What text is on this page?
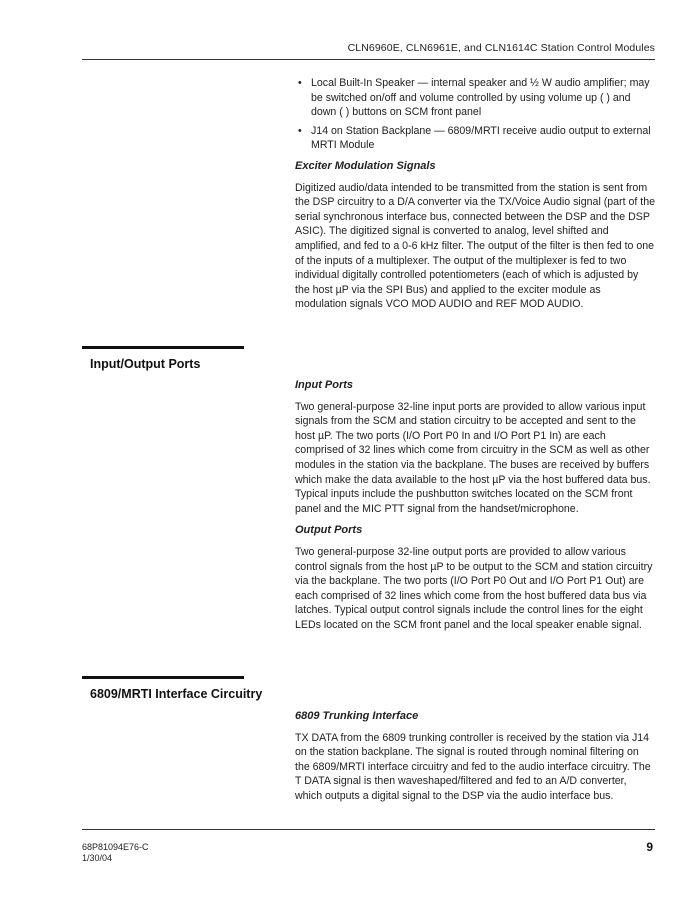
CLN6960E, CLN6961E, and CLN1614C Station Control Modules
• Local Built-In Speaker — internal speaker and ½ W audio amplifier; may be switched on/off and volume controlled by using volume up ( ) and down ( ) buttons on SCM front panel
• J14 on Station Backplane — 6809/MRTI receive audio output to external MRTI Module
Exciter Modulation Signals

Digitized audio/data intended to be transmitted from the station is sent from the DSP circuitry to a D/A converter via the TX/Voice Audio signal (part of the serial synchronous interface bus, connected between the DSP and the DSP ASIC). The digitized signal is converted to analog, level shifted and amplified, and fed to a 0-6 kHz filter. The output of the filter is then fed to one of the inputs of a multiplexer. The output of the multiplexer is fed to two individual digitally controlled potentiometers (each of which is adjusted by the host µP via the SPI Bus) and applied to the exciter module as modulation signals VCO MOD AUDIO and REF MOD AUDIO.

Input/Output Ports
Input Ports

Two general-purpose 32-line input ports are provided to allow various input signals from the SCM and station circuitry to be accepted and sent to the host µP. The two ports (I/O Port P0 In and I/O Port P1 In) are each comprised of 32 lines which come from circuitry in the SCM as well as other modules in the station via the backplane. The buses are received by buffers which make the data available to the host µP via the host buffered data bus. Typical inputs include the pushbutton switches located on the SCM front panel and the MIC PTT signal from the handset/microphone.

Output Ports

Two general-purpose 32-line output ports are provided to allow various control signals from the host µP to be output to the SCM and station circuitry via the backplane. The two ports (I/O Port P0 Out and I/O Port P1 Out) are each comprised of 32 lines which come from the host buffered data bus via latches. Typical output control signals include the control lines for the eight LEDs located on the SCM front panel and the local speaker enable signal.

6809/MRTI Interface Circuitry
6809 Trunking Interface

TX DATA from the 6809 trunking controller is received by the station via J14 on the station backplane. The signal is routed through nominal filtering on the 6809/MRTI interface circuitry and fed to the audio interface circuitry. The T DATA signal is then waveshaped/filtered and fed to an A/D converter, which outputs a digital signal to the DSP via the audio interface bus.

68P81094E76-C
1/30/04
9
